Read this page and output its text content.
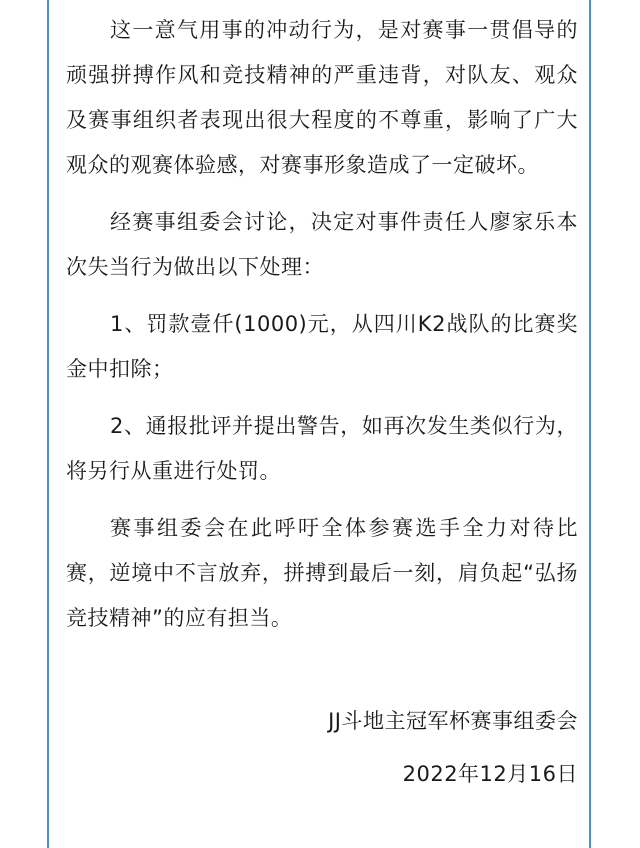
这一意气用事的冲动行为，是对赛事一贯倡导的顽强拼搏作风和竞技精神的严重违背，对队友、观众及赛事组织者表现出很大程度的不尊重，影响了广大观众的观赛体验感，对赛事形象造成了一定破坏。

经赛事组委会讨论，决定对事件责任人廖家乐本次失当行为做出以下处理：

1、罚款壹仟(1000)元，从四川K2战队的比赛奖金中扣除；

2、通报批评并提出警告，如再次发生类似行为，将另行从重进行处罚。

赛事组委会在此呼吁全体参赛选手全力对待比赛，逆境中不言放弃，拼搏到最后一刻，肩负起“弘扬竞技精神”的应有担当。

JJ斗地主冠军杯赛事组委会

2022年12月16日
